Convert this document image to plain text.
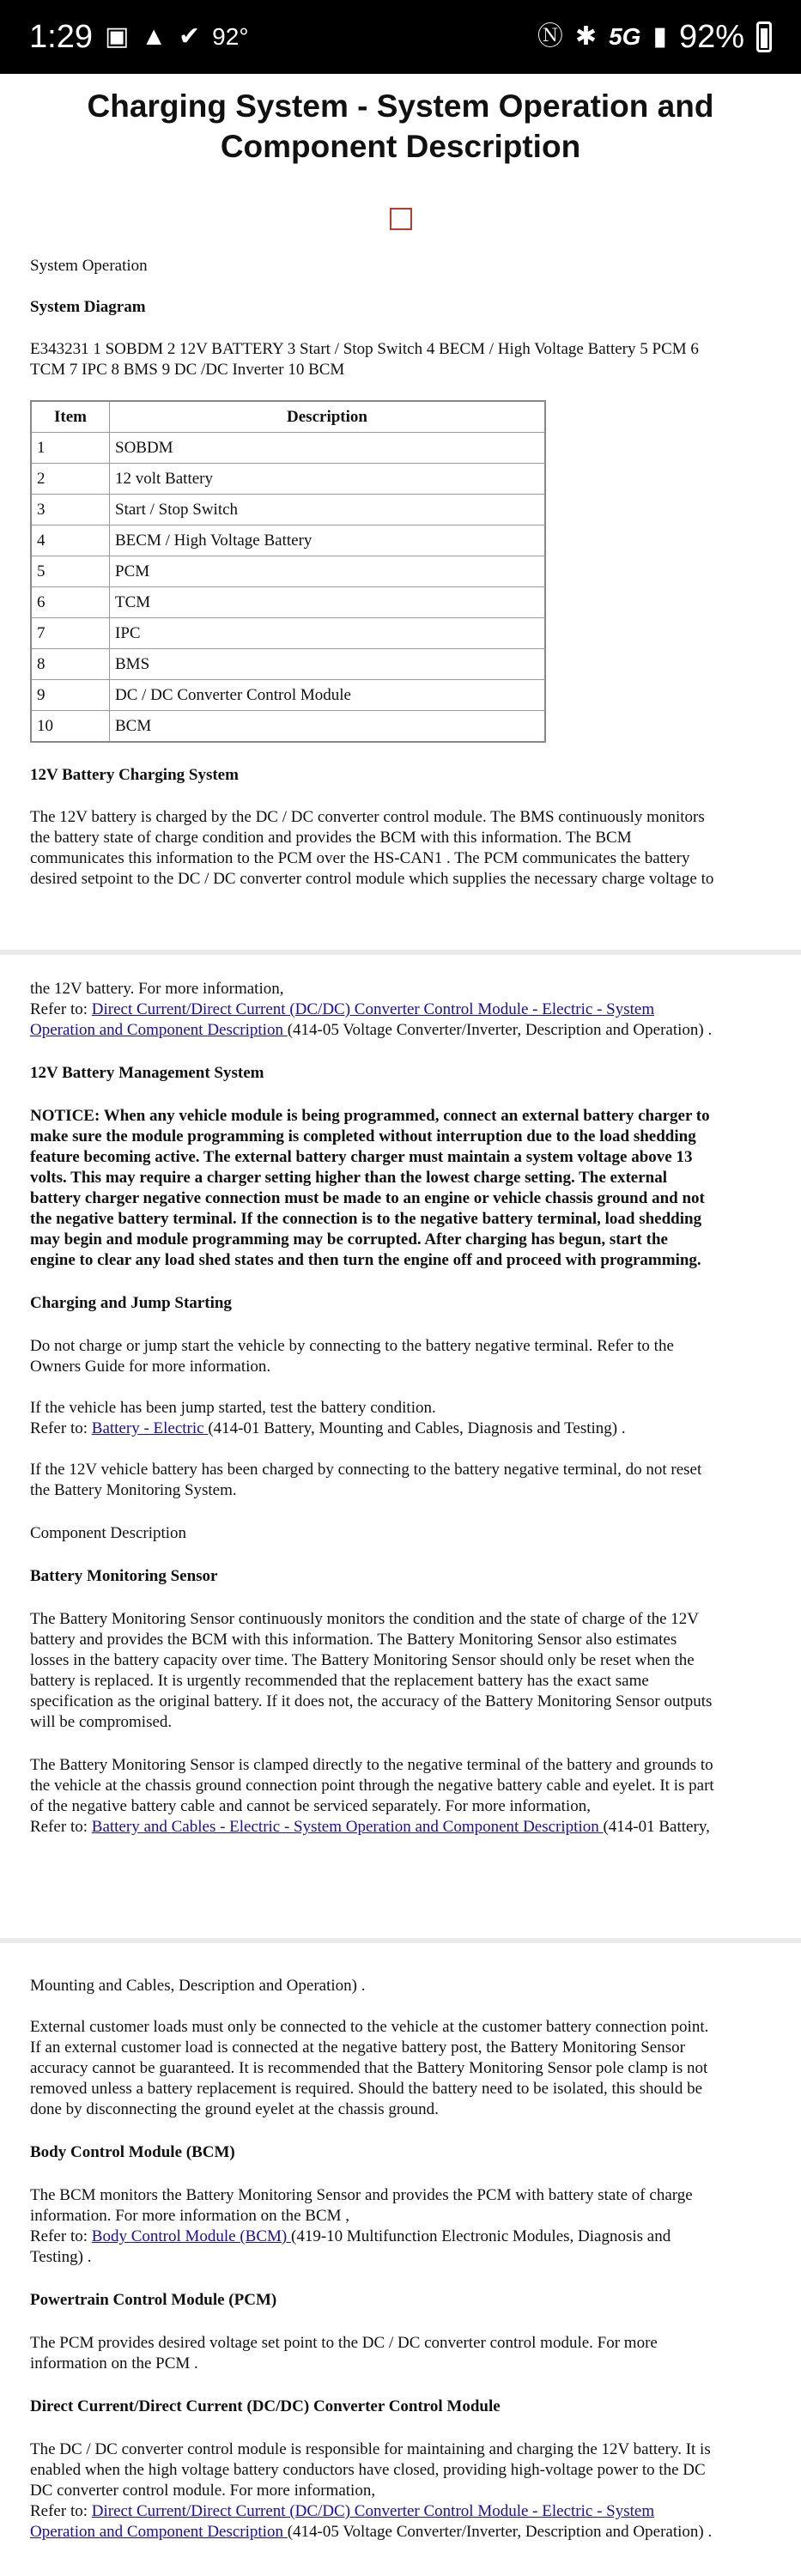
1:29 ▣ ▲ ✔ 92°	Ⓝ ✱ 5G ▮ 92%
Charging System - System Operation and
Component Description

System Operation

System Diagram

E343231 1 SOBDM 2 12V BATTERY 3 Start / Stop Switch 4 BECM / High Voltage Battery 5 PCM 6

TCM 7 IPC 8 BMS 9 DC /DC Inverter 10 BCM

Item	Description
1	SOBDM
2	12 volt Battery
3	Start / Stop Switch
4	BECM / High Voltage Battery
5	PCM
6	TCM
7	IPC
8	BMS
9	DC / DC Converter Control Module
10	BCM

12V Battery Charging System

The 12V battery is charged by the DC / DC converter control module. The BMS continuously monitors

the battery state of charge condition and provides the BCM with this information. The BCM

communicates this information to the PCM over the HS-CAN1 . The PCM communicates the battery

desired setpoint to the DC / DC converter control module which supplies the necessary charge voltage to

the 12V battery. For more information,

Refer to: Direct Current/Direct Current (DC/DC) Converter Control Module - Electric - System

Operation and Component Description (414-05 Voltage Converter/Inverter, Description and Operation) .

12V Battery Management System

NOTICE: When any vehicle module is being programmed, connect an external battery charger to

make sure the module programming is completed without interruption due to the load shedding

feature becoming active. The external battery charger must maintain a system voltage above 13

volts. This may require a charger setting higher than the lowest charge setting. The external

battery charger negative connection must be made to an engine or vehicle chassis ground and not

the negative battery terminal. If the connection is to the negative battery terminal, load shedding

may begin and module programming may be corrupted. After charging has begun, start the

engine to clear any load shed states and then turn the engine off and proceed with programming.

Charging and Jump Starting

Do not charge or jump start the vehicle by connecting to the battery negative terminal. Refer to the

Owners Guide for more information.

If the vehicle has been jump started, test the battery condition.

Refer to: Battery - Electric (414-01 Battery, Mounting and Cables, Diagnosis and Testing) .

If the 12V vehicle battery has been charged by connecting to the battery negative terminal, do not reset

the Battery Monitoring System.

Component Description

Battery Monitoring Sensor

The Battery Monitoring Sensor continuously monitors the condition and the state of charge of the 12V

battery and provides the BCM with this information. The Battery Monitoring Sensor also estimates

losses in the battery capacity over time. The Battery Monitoring Sensor should only be reset when the

battery is replaced. It is urgently recommended that the replacement battery has the exact same

specification as the original battery. If it does not, the accuracy of the Battery Monitoring Sensor outputs

will be compromised.

The Battery Monitoring Sensor is clamped directly to the negative terminal of the battery and grounds to

the vehicle at the chassis ground connection point through the negative battery cable and eyelet. It is part

of the negative battery cable and cannot be serviced separately. For more information,

Refer to: Battery and Cables - Electric - System Operation and Component Description (414-01 Battery,

Mounting and Cables, Description and Operation) .

External customer loads must only be connected to the vehicle at the customer battery connection point.

If an external customer load is connected at the negative battery post, the Battery Monitoring Sensor

accuracy cannot be guaranteed. It is recommended that the Battery Monitoring Sensor pole clamp is not

removed unless a battery replacement is required. Should the battery need to be isolated, this should be

done by disconnecting the ground eyelet at the chassis ground.

Body Control Module (BCM)

The BCM monitors the Battery Monitoring Sensor and provides the PCM with battery state of charge

information. For more information on the BCM ,

Refer to: Body Control Module (BCM) (419-10 Multifunction Electronic Modules, Diagnosis and

Testing) .

Powertrain Control Module (PCM)

The PCM provides desired voltage set point to the DC / DC converter control module. For more

information on the PCM .

Direct Current/Direct Current (DC/DC) Converter Control Module

The DC / DC converter control module is responsible for maintaining and charging the 12V battery. It is

enabled when the high voltage battery conductors have closed, providing high-voltage power to the DC

DC converter control module. For more information,

Refer to: Direct Current/Direct Current (DC/DC) Converter Control Module - Electric - System

Operation and Component Description (414-05 Voltage Converter/Inverter, Description and Operation) .
